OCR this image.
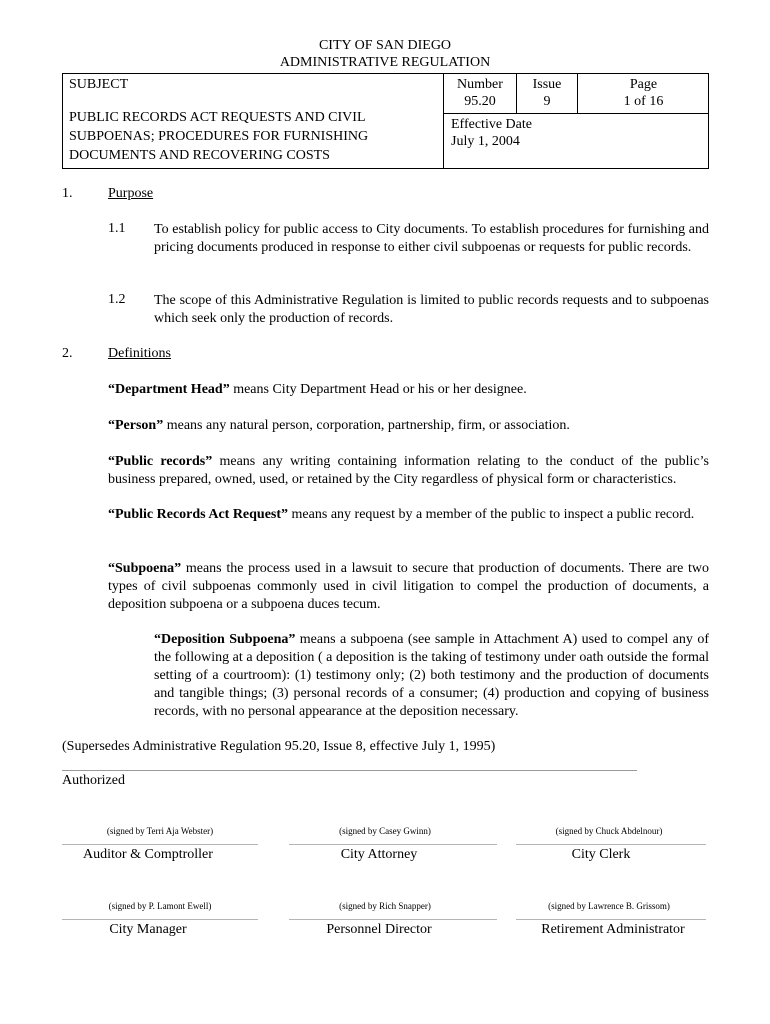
CITY OF SAN DIEGO
ADMINISTRATIVE REGULATION
SUBJECT
PUBLIC RECORDS ACT REQUESTS AND CIVIL
SUBPOENAS; PROCEDURES FOR FURNISHING
DOCUMENTS AND RECOVERING COSTS
Number
95.20
Issue
9
Page
1 of 16
Effective Date
July 1, 2004
1.	Purpose
1.1 To establish policy for public access to City documents. To establish procedures for furnishing and pricing documents produced in response to either civil subpoenas or requests for public records.
1.2 The scope of this Administrative Regulation is limited to public records requests and to subpoenas which seek only the production of records.
2.	Definitions
“Department Head” means City Department Head or his or her designee.
“Person” means any natural person, corporation, partnership, firm, or association.
“Public records” means any writing containing information relating to the conduct of the public’s business prepared, owned, used, or retained by the City regardless of physical form or characteristics.
“Public Records Act Request” means any request by a member of the public to inspect a public record.
“Subpoena” means the process used in a lawsuit to secure that production of documents. There are two types of civil subpoenas commonly used in civil litigation to compel the production of documents, a deposition subpoena or a subpoena duces tecum.
“Deposition Subpoena” means a subpoena (see sample in Attachment A) used to compel any of the following at a deposition ( a deposition is the taking of testimony under oath outside the formal setting of a courtroom): (1) testimony only; (2) both testimony and the production of documents and tangible things; (3) personal records of a consumer; (4) production and copying of business records, with no personal appearance at the deposition necessary.
(Supersedes Administrative Regulation 95.20, Issue 8, effective July 1, 1995)
Authorized
(signed by Terri Aja Webster)
Auditor & Comptroller
(signed by Casey Gwinn)
City Attorney
(signed by Chuck Abdelnour)
City Clerk
(signed by P. Lamont Ewell)
City Manager
(signed by Rich Snapper)
Personnel Director
(signed by Lawrence B. Grissom)
Retirement Administrator
